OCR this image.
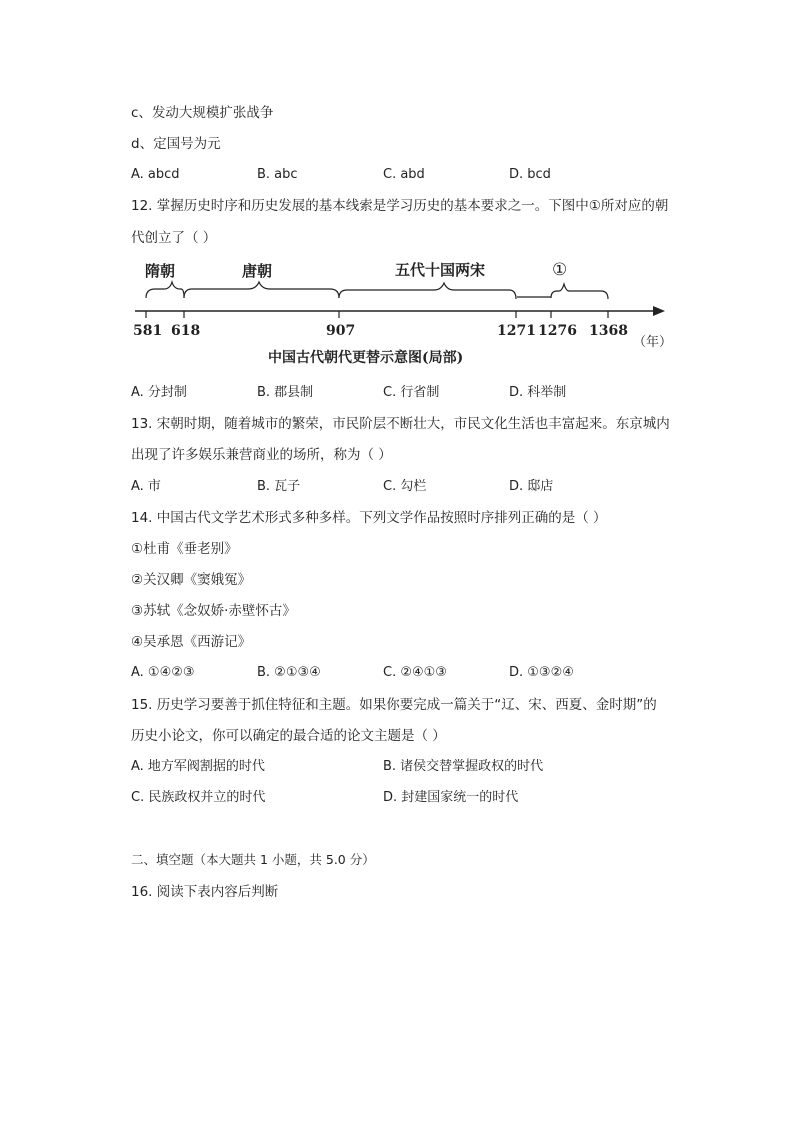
c、发动大规模扩张战争
d、定国号为元
A. abcd	B. abc	C. abd	D. bcd
12. 掌握历史时序和历史发展的基本线索是学习历史的基本要求之一。下图中①所对应的朝
代创立了（ ）
隋朝	唐朝	五代十国两宋	①
581 618	907	1271 1276 1368
（年）
中国古代朝代更替示意图(局部)
A. 分封制	B. 郡县制	C. 行省制	D. 科举制
13. 宋朝时期，随着城市的繁荣，市民阶层不断壮大，市民文化生活也丰富起来。东京城内
出现了许多娱乐兼营商业的场所，称为（ ）
A. 市	B. 瓦子	C. 勾栏	D. 邸店
14. 中国古代文学艺术形式多种多样。下列文学作品按照时序排列正确的是（ ）
①杜甫《垂老别》
②关汉卿《窦娥冤》
③苏轼《念奴娇·赤壁怀古》
④吴承恩《西游记》
A. ①④②③	B. ②①③④	C. ②④①③	D. ①③②④
15. 历史学习要善于抓住特征和主题。如果你要完成一篇关于“辽、宋、西夏、金时期”的
历史小论文，你可以确定的最合适的论文主题是（ ）
A. 地方军阀割据的时代	B. 诸侯交替掌握政权的时代
C. 民族政权并立的时代	D. 封建国家统一的时代
二、填空题（本大题共 1 小题，共 5.0 分）
16. 阅读下表内容后判断
